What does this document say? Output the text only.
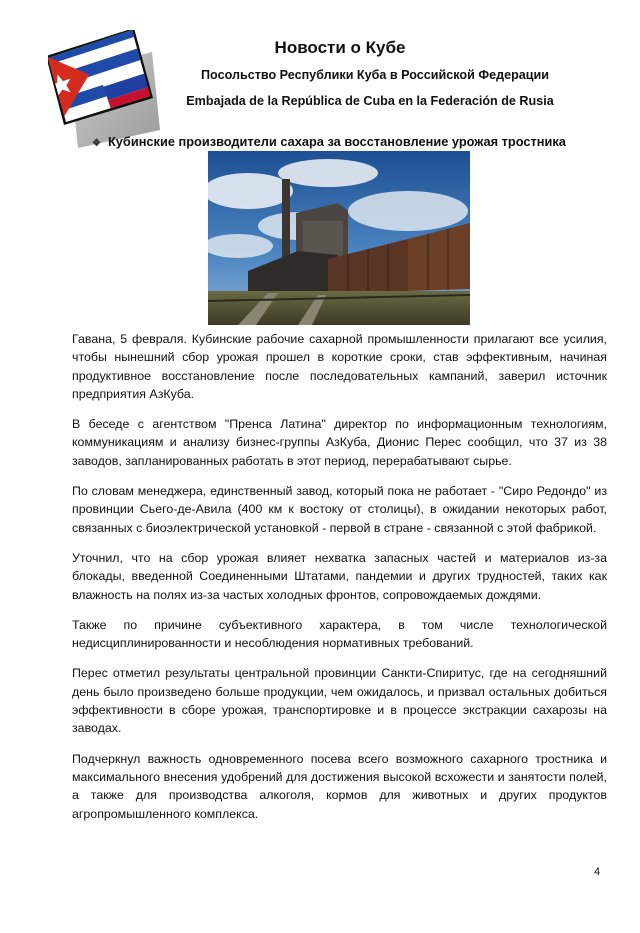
Новости о Кубе
Посольство Республики Куба в Российской Федерации
Embajada de la República de Cuba en la Federación de Rusia
❖ Кубинские производители сахара за восстановление урожая тростника

Гавана, 5 февраля. Кубинские рабочие сахарной промышленности прилагают все усилия, чтобы нынешний сбор урожая прошел в короткие сроки, став эффективным, начиная продуктивное восстановление после последовательных кампаний, заверил источник предприятия АзКуба.

В беседе с агентством "Пренса Латина" директор по информационным технологиям, коммуникациям и анализу бизнес-группы АзКуба, Дионис Перес сообщил, что 37 из 38 заводов, запланированных работать в этот период, перерабатывают сырье.

По словам менеджера, единственный завод, который пока не работает - "Сиро Редондо" из провинции Сьего-де-Авила (400 км к востоку от столицы), в ожидании некоторых работ, связанных с биоэлектрической установкой - первой в стране - связанной с этой фабрикой.

Уточнил, что на сбор урожая влияет нехватка запасных частей и материалов из-за блокады, введенной Соединенными Штатами, пандемии и других трудностей, таких как влажность на полях из-за частых холодных фронтов, сопровождаемых дождями.

Также по причине субъективного характера, в том числе технологической недисциплинированности и несоблюдения нормативных требований.

Перес отметил результаты центральной провинции Санкти-Спиритус, где на сегодняшний день было произведено больше продукции, чем ожидалось, и призвал остальных добиться эффективности в сборе урожая, транспортировке и в процессе экстракции сахарозы на заводах.

Подчеркнул важность одновременного посева всего возможного сахарного тростника и максимального внесения удобрений для достижения высокой всхожести и занятости полей, а также для производства алкоголя, кормов для животных и других продуктов агропромышленного комплекса.

4
